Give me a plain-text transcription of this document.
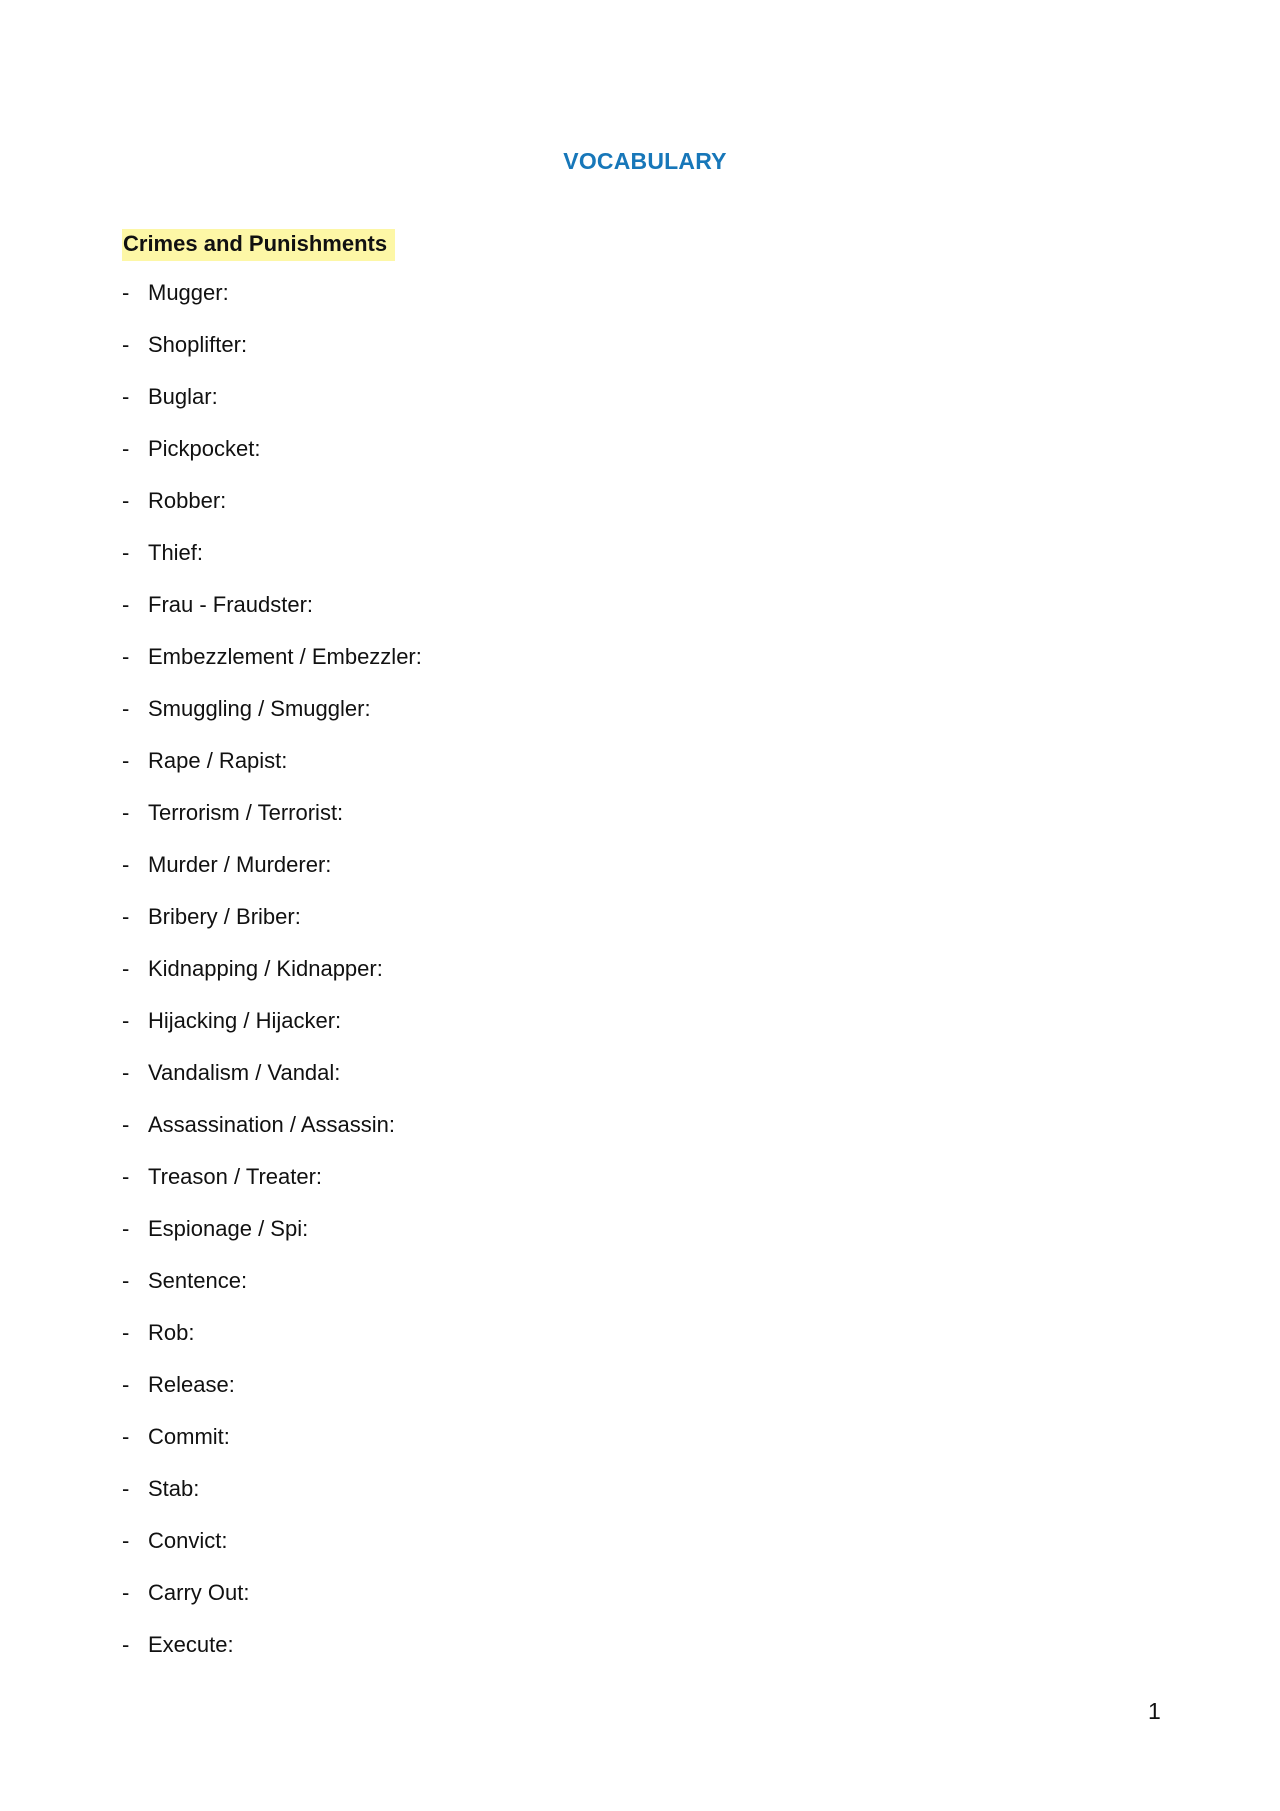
VOCABULARY
Crimes and Punishments
- Mugger:
- Shoplifter:
- Buglar:
- Pickpocket:
- Robber:
- Thief:
- Frau - Fraudster:
- Embezzlement / Embezzler:
- Smuggling / Smuggler:
- Rape / Rapist:
- Terrorism / Terrorist:
- Murder / Murderer:
- Bribery / Briber:
- Kidnapping / Kidnapper:
- Hijacking / Hijacker:
- Vandalism / Vandal:
- Assassination / Assassin:
- Treason / Treater:
- Espionage / Spi:
- Sentence:
- Rob:
- Release:
- Commit:
- Stab:
- Convict:
- Carry Out:
- Execute:
1
